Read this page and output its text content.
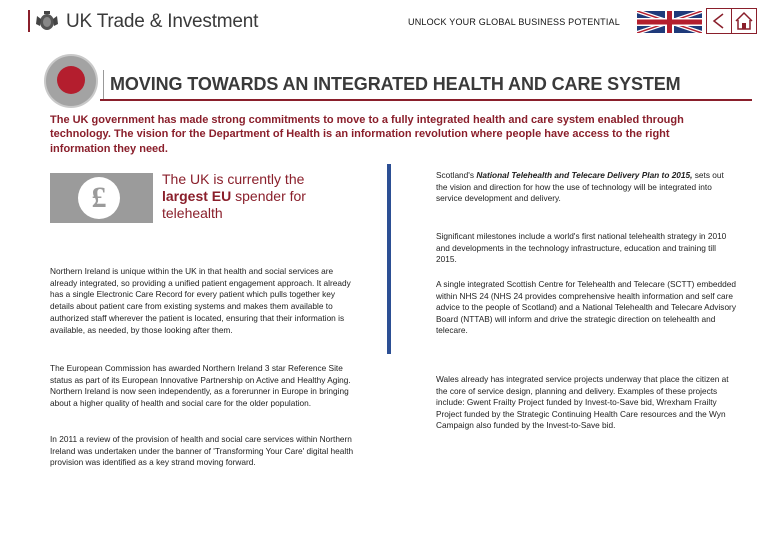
UK Trade & Investment	UNLOCK YOUR GLOBAL BUSINESS POTENTIAL
MOVING TOWARDS AN INTEGRATED HEALTH AND CARE SYSTEM
The UK government has made strong commitments to move to a fully integrated health and care system enabled through technology. The vision for the Department of Health is an information revolution where people have access to the right information they need.
£
The UK is currently the largest EU spender for telehealth

Northern Ireland is unique within the UK in that health and social services are already integrated, so providing a unified patient engagement approach. It already has a single Electronic Care Record for every patient which pulls together key details about patient care from existing systems and makes them available to authorized staff wherever the patient is located, ensuring that their information is available, as needed, by those looking after them.

The European Commission has awarded Northern Ireland 3 star Reference Site status as part of its European Innovative Partnership on Active and Healthy Aging. Northern Ireland is now seen independently, as a forerunner in Europe in bringing about a higher quality of health and social care for the older population.

In 2011 a review of the provision of health and social care services within Northern Ireland was undertaken under the banner of 'Transforming Your Care' digital health provision was identified as a key strand moving forward.

Scotland's National Telehealth and Telecare Delivery Plan to 2015, sets out the vision and direction for how the use of technology will be integrated into service development and delivery.

Significant milestones include a world's first national telehealth strategy in 2010 and developments in the technology infrastructure, education and training till 2015.

A single integrated Scottish Centre for Telehealth and Telecare (SCTT) embedded within NHS 24 (NHS 24 provides comprehensive health information and self care advice to the people of Scotland) and a National Telehealth and Telecare Advisory Board (NTTAB) will inform and drive the strategic direction on telehealth and telecare.

Wales already has integrated service projects underway that place the citizen at the core of service design, planning and delivery. Examples of these projects include: Gwent Frailty Project funded by Invest-to-Save bid, Wrexham Frailty Project funded by the Strategic Continuing Health Care resources and the Wyn Campaign also funded by the Invest-to-Save bid.
